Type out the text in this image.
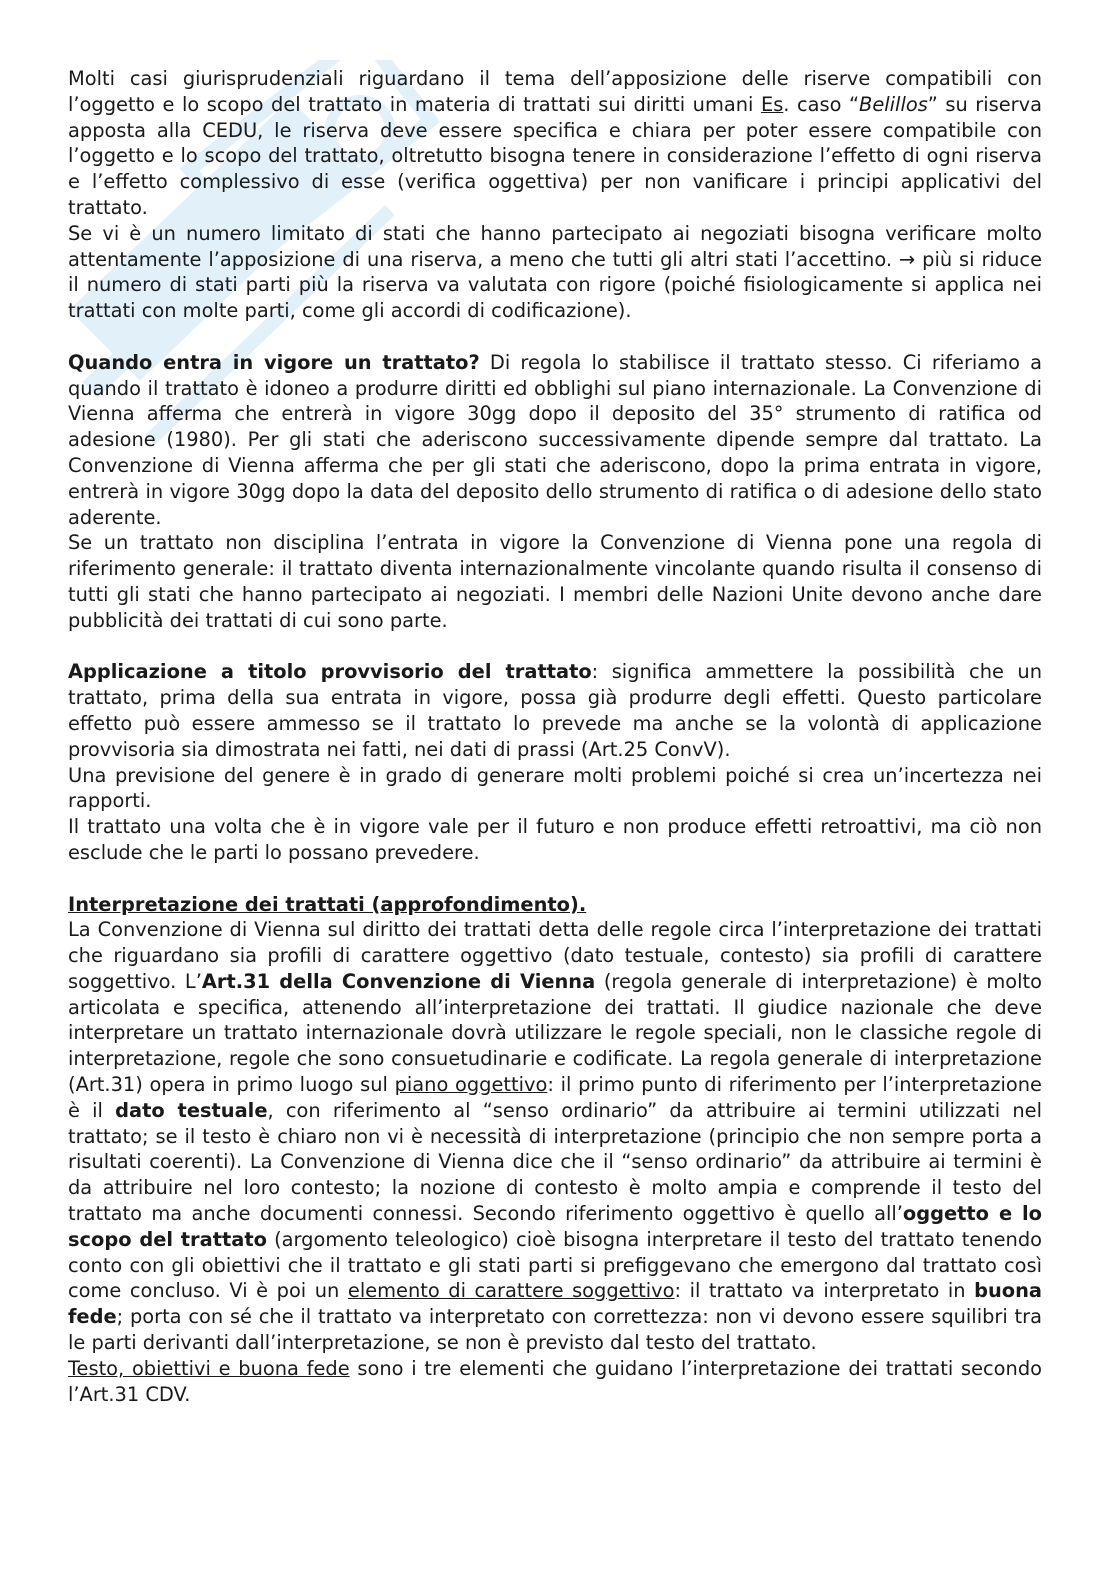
Molti casi giurisprudenziali riguardano il tema dell’apposizione delle riserve compatibili con l’oggetto e lo scopo del trattato in materia di trattati sui diritti umani Es. caso “Belillos” su riserva apposta alla CEDU, le riserva deve essere specifica e chiara per poter essere compatibile con l’oggetto e lo scopo del trattato, oltretutto bisogna tenere in considerazione l’effetto di ogni riserva e l’effetto complessivo di esse (verifica oggettiva) per non vanificare i principi applicativi del trattato.

Se vi è un numero limitato di stati che hanno partecipato ai negoziati bisogna verificare molto attentamente l’apposizione di una riserva, a meno che tutti gli altri stati l’accettino. → più si riduce il numero di stati parti più la riserva va valutata con rigore (poiché fisiologicamente si applica nei trattati con molte parti, come gli accordi di codificazione).

Quando entra in vigore un trattato? Di regola lo stabilisce il trattato stesso. Ci riferiamo a quando il trattato è idoneo a produrre diritti ed obblighi sul piano internazionale. La Convenzione di Vienna afferma che entrerà in vigore 30gg dopo il deposito del 35° strumento di ratifica od adesione (1980). Per gli stati che aderiscono successivamente dipende sempre dal trattato. La Convenzione di Vienna afferma che per gli stati che aderiscono, dopo la prima entrata in vigore, entrerà in vigore 30gg dopo la data del deposito dello strumento di ratifica o di adesione dello stato aderente.

Se un trattato non disciplina l’entrata in vigore la Convenzione di Vienna pone una regola di riferimento generale: il trattato diventa internazionalmente vincolante quando risulta il consenso di tutti gli stati che hanno partecipato ai negoziati. I membri delle Nazioni Unite devono anche dare pubblicità dei trattati di cui sono parte.

Applicazione a titolo provvisorio del trattato: significa ammettere la possibilità che un trattato, prima della sua entrata in vigore, possa già produrre degli effetti. Questo particolare effetto può essere ammesso se il trattato lo prevede ma anche se la volontà di applicazione provvisoria sia dimostrata nei fatti, nei dati di prassi (Art.25 ConvV).

Una previsione del genere è in grado di generare molti problemi poiché si crea un’incertezza nei rapporti.

Il trattato una volta che è in vigore vale per il futuro e non produce effetti retroattivi, ma ciò non esclude che le parti lo possano prevedere.

Interpretazione dei trattati (approfondimento).

La Convenzione di Vienna sul diritto dei trattati detta delle regole circa l’interpretazione dei trattati che riguardano sia profili di carattere oggettivo (dato testuale, contesto) sia profili di carattere soggettivo. L’Art.31 della Convenzione di Vienna (regola generale di interpretazione) è molto articolata e specifica, attenendo all’interpretazione dei trattati. Il giudice nazionale che deve interpretare un trattato internazionale dovrà utilizzare le regole speciali, non le classiche regole di interpretazione, regole che sono consuetudinarie e codificate. La regola generale di interpretazione (Art.31) opera in primo luogo sul piano oggettivo: il primo punto di riferimento per l’interpretazione è il dato testuale, con riferimento al “senso ordinario” da attribuire ai termini utilizzati nel trattato; se il testo è chiaro non vi è necessità di interpretazione (principio che non sempre porta a risultati coerenti). La Convenzione di Vienna dice che il “senso ordinario” da attribuire ai termini è da attribuire nel loro contesto; la nozione di contesto è molto ampia e comprende il testo del trattato ma anche documenti connessi. Secondo riferimento oggettivo è quello all’oggetto e lo scopo del trattato (argomento teleologico) cioè bisogna interpretare il testo del trattato tenendo conto con gli obiettivi che il trattato e gli stati parti si prefiggevano che emergono dal trattato così come concluso. Vi è poi un elemento di carattere soggettivo: il trattato va interpretato in buona fede; porta con sé che il trattato va interpretato con correttezza: non vi devono essere squilibri tra le parti derivanti dall’interpretazione, se non è previsto dal testo del trattato.

Testo, obiettivi e buona fede sono i tre elementi che guidano l’interpretazione dei trattati secondo l’Art.31 CDV.
